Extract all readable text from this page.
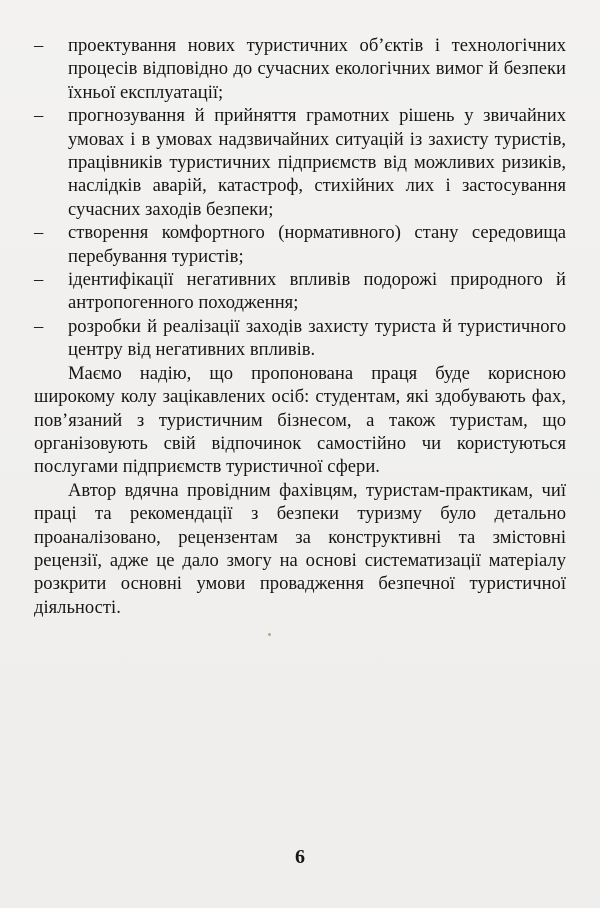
–	проектування нових туристичних об’єктів і технологічних процесів відповідно до сучасних екологічних вимог й безпеки їхньої експлуатації;
–	прогнозування й прийняття грамотних рішень у звичайних умовах і в умовах надзвичайних ситуацій із захисту туристів, працівників туристичних підприємств від можливих ризиків, наслідків аварій, катастроф, стихійних лих і застосування сучасних заходів безпеки;
–	створення комфортного (нормативного) стану середовища перебування туристів;
–	ідентифікації негативних впливів подорожі природного й антропогенного походження;
–	розробки й реалізації заходів захисту туриста й туристичного центру від негативних впливів.

Маємо надію, що пропонована праця буде корисною широкому колу зацікавлених осіб: студентам, які здобувають фах, пов’язаний з туристичним бізнесом, а також туристам, що організовують свій відпочинок самостійно чи користуються послугами підприємств туристичної сфери.

Автор вдячна провідним фахівцям, туристам-практикам, чиї праці та рекомендації з безпеки туризму було детально проаналізовано, рецензентам за конструктивні та змістовні рецензії, адже це дало змогу на основі систематизації матеріалу розкрити основні умови провадження безпечної туристичної діяльності.

6
